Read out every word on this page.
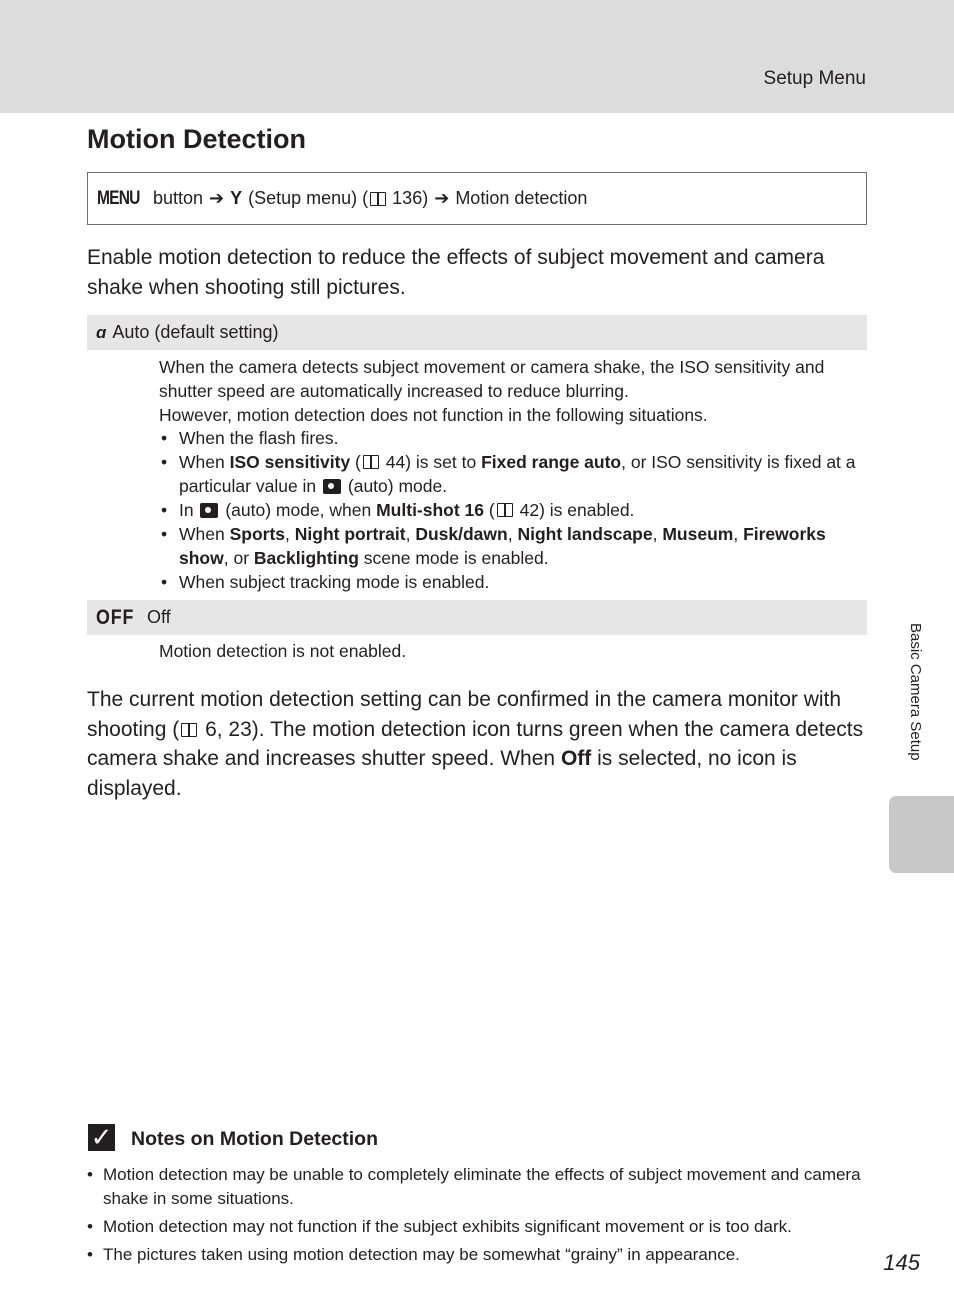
Setup Menu
Motion Detection
MENU button ➔ Y (Setup menu) ( 136 ) ➔ Motion detection

Enable motion detection to reduce the effects of subject movement and camera shake when shooting still pictures.

ɑ Auto (default setting)
When the camera detects subject movement or camera shake, the ISO sensitivity and shutter speed are automatically increased to reduce blurring.
However, motion detection does not function in the following situations.
• When the flash fires.
• When ISO sensitivity ( 44) is set to Fixed range auto, or ISO sensitivity is fixed at a particular value in  (auto) mode.
• In  (auto) mode, when Multi-shot 16 ( 42) is enabled.
• When Sports, Night portrait, Dusk/dawn, Night landscape, Museum, Fireworks show, or Backlighting scene mode is enabled.
• When subject tracking mode is enabled.
OFF Off
Motion detection is not enabled.

The current motion detection setting can be confirmed in the camera monitor with shooting ( 6, 23). The motion detection icon turns green when the camera detects camera shake and increases shutter speed. When Off is selected, no icon is displayed.

Basic Camera Setup
✓ Notes on Motion Detection
• Motion detection may be unable to completely eliminate the effects of subject movement and camera shake in some situations.
• Motion detection may not function if the subject exhibits significant movement or is too dark.
• The pictures taken using motion detection may be somewhat “grainy” in appearance.	145
